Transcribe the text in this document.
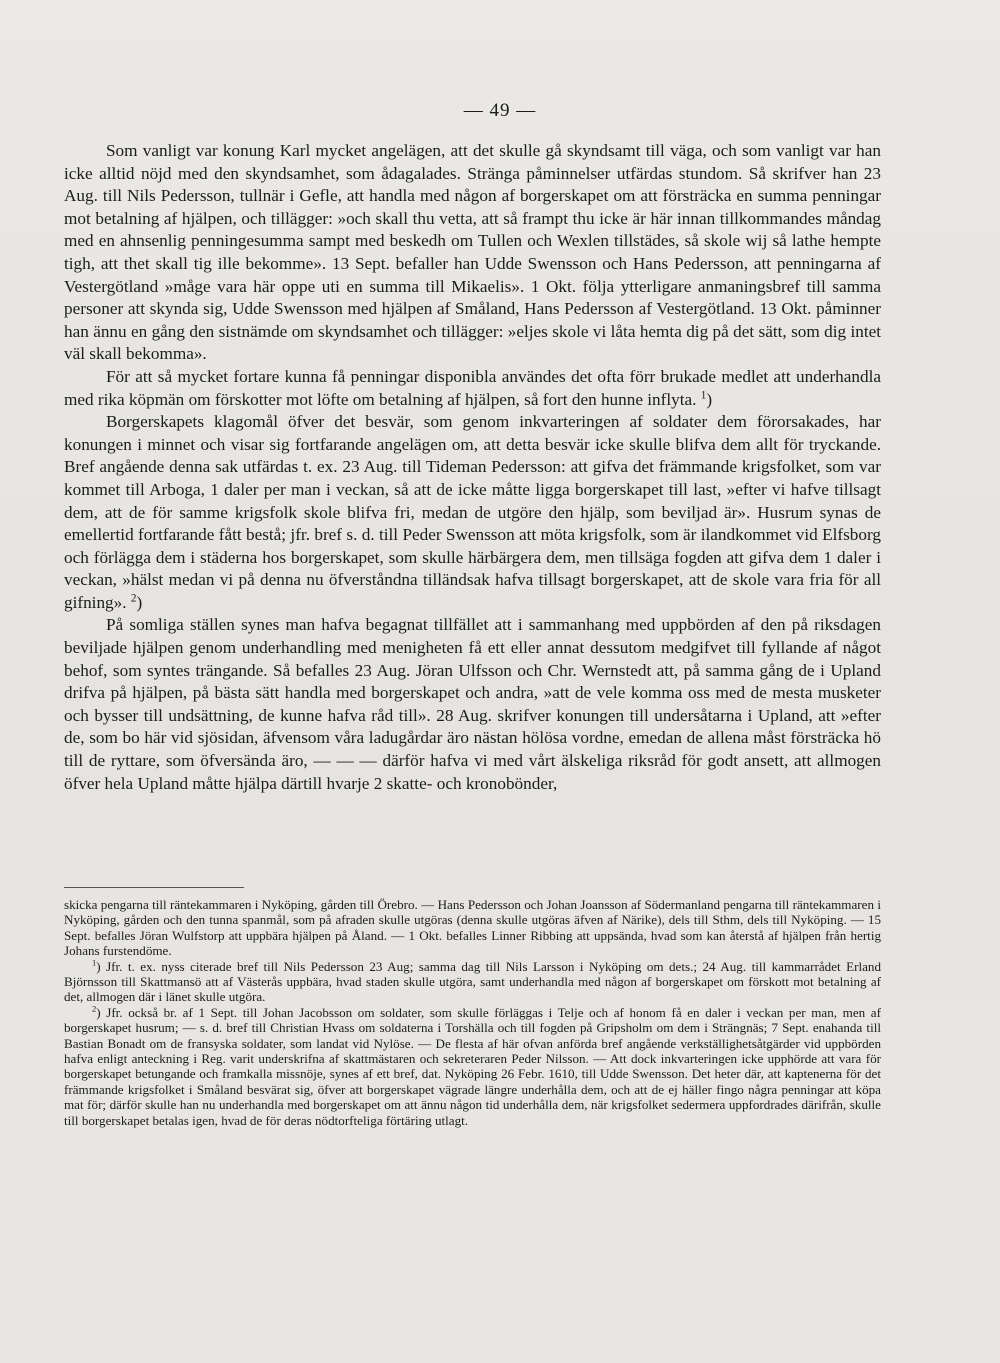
— 49 —

Som vanligt var konung Karl mycket angelägen, att det skulle gå skyndsamt till väga, och som vanligt var han icke alltid nöjd med den skyndsamhet, som ådagalades. Stränga påminnelser utfärdas stundom. Så skrifver han 23 Aug. till Nils Pedersson, tullnär i Gefle, att handla med någon af borgerskapet om att försträcka en summa penningar mot betalning af hjälpen, och tillägger: »och skall thu vetta, att så frampt thu icke är här innan tillkommandes måndag med en ahnsenlig penningesumma sampt med beskedh om Tullen och Wexlen tillstädes, så skole wij så lathe hempte tigh, att thet skall tig ille bekomme». 13 Sept. befaller han Udde Swensson och Hans Pedersson, att penningarna af Vestergötland »måge vara här oppe uti en summa till Mikaelis». 1 Okt. följa ytterligare anmaningsbref till samma personer att skynda sig, Udde Swensson med hjälpen af Småland, Hans Pedersson af Vestergötland. 13 Okt. påminner han ännu en gång den sistnämde om skyndsamhet och tillägger: »eljes skole vi låta hemta dig på det sätt, som dig intet väl skall bekomma».

För att så mycket fortare kunna få penningar disponibla användes det ofta förr brukade medlet att underhandla med rika köpmän om förskotter mot löfte om betalning af hjälpen, så fort den hunne inflyta. $^1$)

Borgerskapets klagomål öfver det besvär, som genom inkvarteringen af soldater dem förorsakades, har konungen i minnet och visar sig fortfarande angelägen om, att detta besvär icke skulle blifva dem allt för tryckande. Bref angående denna sak utfärdas t. ex. 23 Aug. till Tideman Pedersson: att gifva det främmande krigsfolket, som var kommet till Arboga, 1 daler per man i veckan, så att de icke måtte ligga borgerskapet till last, »efter vi hafve tillsagt dem, att de för samme krigsfolk skole blifva fri, medan de utgöre den hjälp, som beviljad är». Husrum synas de emellertid fortfarande fått bestå; jfr. bref s. d. till Peder Swensson att möta krigsfolk, som är ilandkommet vid Elfsborg och förlägga dem i städerna hos borgerskapet, som skulle härbärgera dem, men tillsäga fogden att gifva dem 1 daler i veckan, »hälst medan vi på denna nu öfverståndna tilländsak hafva tillsagt borgerskapet, att de skole vara fria för all gifning». $^2$)

På somliga ställen synes man hafva begagnat tillfället att i sammanhang med uppbörden af den på riksdagen beviljade hjälpen genom underhandling med menigheten få ett eller annat dessutom medgifvet till fyllande af något behof, som syntes trängande. Så befalles 23 Aug. Jöran Ulfsson och Chr. Wernstedt att, på samma gång de i Upland drifva på hjälpen, på bästa sätt handla med borgerskapet och andra, »att de vele komma oss med de mesta musketer och bysser till undsättning, de kunne hafva råd till». 28 Aug. skrifver konungen till undersåtarna i Upland, att »efter de, som bo här vid sjösidan, äfvensom våra ladugårdar äro nästan hölösa vordne, emedan de allena måst försträcka hö till de ryttare, som öfversända äro, — — — därför hafva vi med vårt älskeliga riksråd för godt ansett, att allmogen öfver hela Upland måtte hjälpa därtill hvarje 2 skatte- och kronobönder,

skicka pengarna till räntekammaren i Nyköping, gården till Örebro. — Hans Pedersson och Johan Joansson af Södermanland pengarna till räntekammaren i Nyköping, gården och den tunna spanmål, som på afraden skulle utgöras (denna skulle utgöras äfven af Närike), dels till Sthm, dels till Nyköping. — 15 Sept. befalles Jöran Wulfstorp att uppbära hjälpen på Åland. — 1 Okt. befalles Linner Ribbing att uppsända, hvad som kan återstå af hjälpen från hertig Johans furstendöme.

$^1$) Jfr. t. ex. nyss citerade bref till Nils Pedersson 23 Aug; samma dag till Nils Larsson i Nyköping om dets.; 24 Aug. till kammarrådet Erland Björnsson till Skattmansö att af Västerås uppbära, hvad staden skulle utgöra, samt underhandla med någon af borgerskapet om förskott mot betalning af det, allmogen där i länet skulle utgöra.

$^2$) Jfr. också br. af 1 Sept. till Johan Jacobsson om soldater, som skulle förläggas i Telje och af honom få en daler i veckan per man, men af borgerskapet husrum; — s. d. bref till Christian Hvass om soldaterna i Torshälla och till fogden på Gripsholm om dem i Strängnäs; 7 Sept. enahanda till Bastian Bonadt om de fransyska soldater, som landat vid Nylöse. — De flesta af här ofvan anförda bref angående verkställighetsåtgärder vid uppbörden hafva enligt anteckning i Reg. varit underskrifna af skattmästaren och sekreteraren Peder Nilsson. — Att dock inkvarteringen icke upphörde att vara för borgerskapet betungande och framkalla missnöje, synes af ett bref, dat. Nyköping 26 Febr. 1610, till Udde Swensson. Det heter där, att kaptenerna för det främmande krigsfolket i Småland besvärat sig, öfver att borgerskapet vägrade längre underhålla dem, och att de ej häller fingo några penningar att köpa mat för; därför skulle han nu underhandla med borgerskapet om att ännu någon tid underhålla dem, när krigsfolket sedermera uppfordrades därifrån, skulle till borgerskapet betalas igen, hvad de för deras nödtorfteliga förtäring utlagt.
